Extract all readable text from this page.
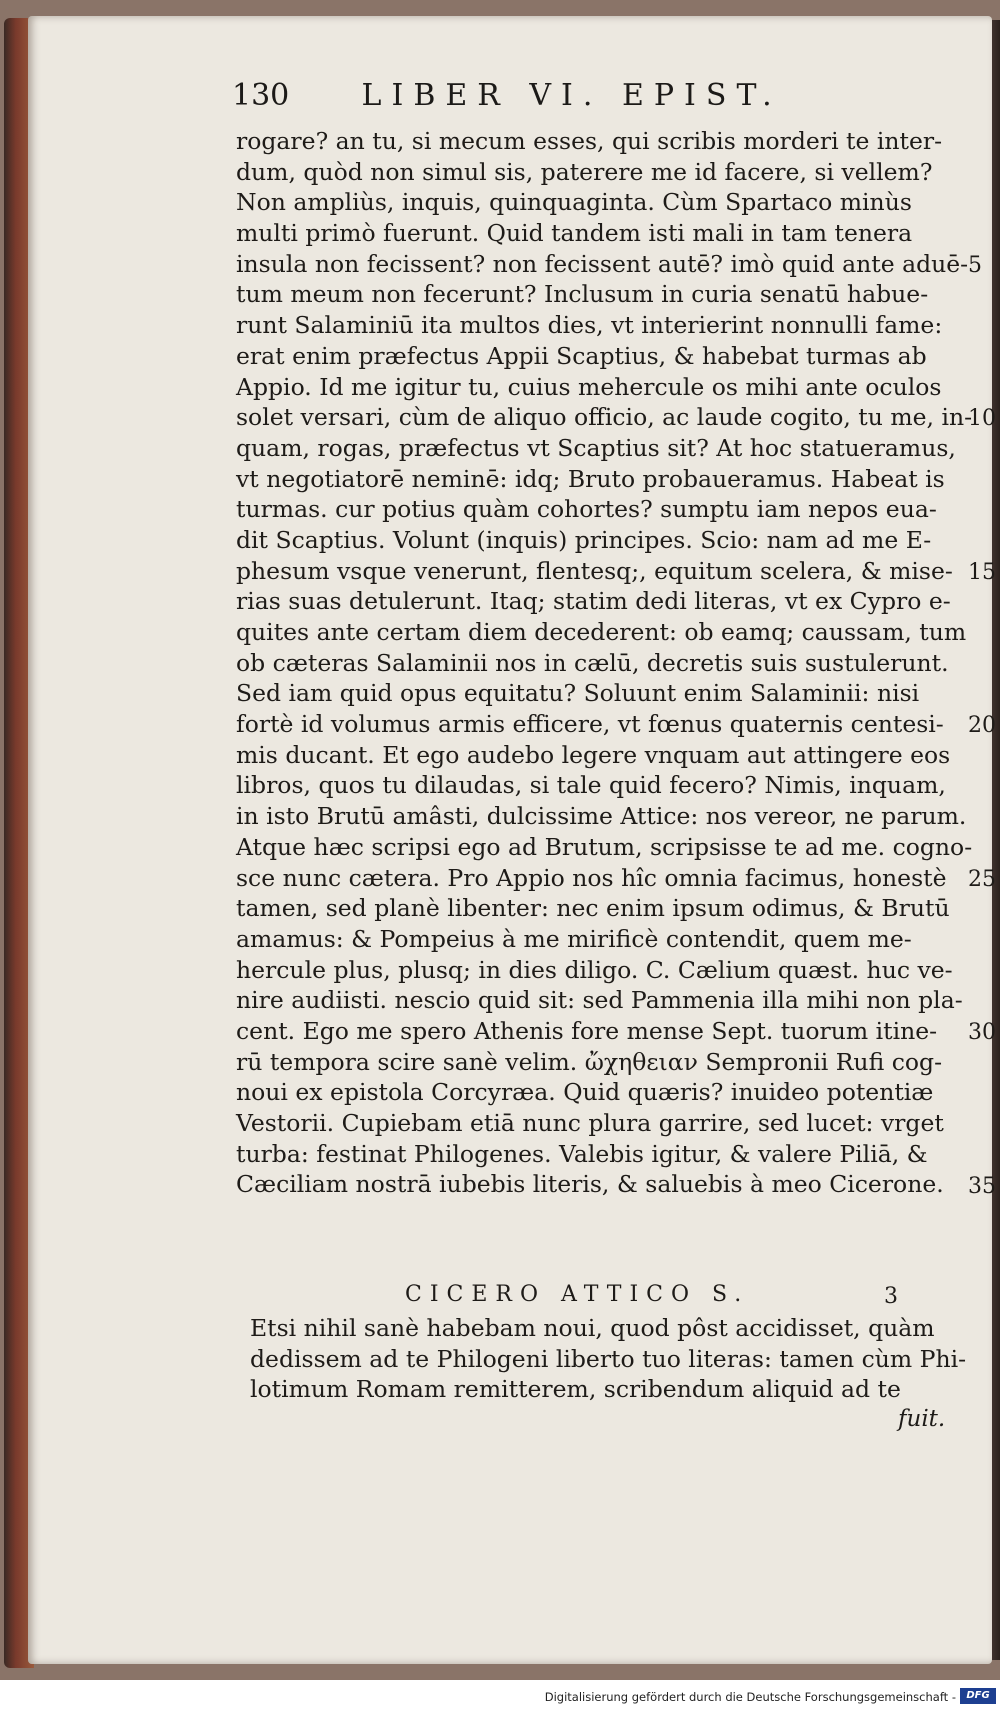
130 LIBER VI. EPIST.
rogare? an tu, si mecum esses, qui scribis morderi te inter-
dum, quòd non simul sis, paterere me id facere, si vellem?
Non ampliùs, inquis, quinquaginta. Cùm Spartaco minùs
multi primò fuerunt. Quid tandem isti mali in tam tenera
insula non fecissent? non fecissent autē? imò quid ante aduē-
tum meum non fecerunt? Inclusum in curia senatū habue-
runt Salaminiū ita multos dies, vt interierint nonnulli fame:
erat enim præfectus Appii Scaptius, & habebat turmas ab
Appio. Id me igitur tu, cuius mehercule os mihi ante oculos
solet versari, cùm de aliquo officio, ac laude cogito, tu me, in-
quam, rogas, præfectus vt Scaptius sit? At hoc statueramus,
vt negotiatorē neminē: idq; Bruto probaueramus. Habeat is
turmas. cur potius quàm cohortes? sumptu iam nepos eua-
dit Scaptius. Volunt (inquis) principes. Scio: nam ad me E-
phesum vsque venerunt, flentesq;, equitum scelera, & mise-
rias suas detulerunt. Itaq; statim dedi literas, vt ex Cypro e-
quites ante certam diem decederent: ob eamq; caussam, tum
ob cæteras Salaminii nos in cælū, decretis suis sustulerunt.
Sed iam quid opus equitatu? Soluunt enim Salaminii: nisi
fortè id volumus armis efficere, vt fœnus quaternis centesi-
mis ducant. Et ego audebo legere vnquam aut attingere eos
libros, quos tu dilaudas, si tale quid fecero? Nimis, inquam,
in isto Brutū amâsti, dulcissime Attice: nos vereor, ne parum.
Atque hæc scripsi ego ad Brutum, scripsisse te ad me. cogno-
sce nunc cætera. Pro Appio nos hîc omnia facimus, honestè
tamen, sed planè libenter: nec enim ipsum odimus, & Brutū
amamus: & Pompeius à me mirificè contendit, quem me-
hercule plus, plusq; in dies diligo. C. Cælium quæst. huc ve-
nire audiisti. nescio quid sit: sed Pammenia illa mihi non pla-
cent. Ego me spero Athenis fore mense Sept. tuorum itine-
rū tempora scire sanè velim. ὤχηθειαν Sempronii Rufi cog-
noui ex epistola Corcyræa. Quid quæris? inuideo potentiæ
Vestorii. Cupiebam etiā nunc plura garrire, sed lucet: vrget
turba: festinat Philogenes. Valebis igitur, & valere Piliā, &
Cæciliam nostrā iubebis literis, & saluebis à meo Cicerone.
5
10
15
20
25
30
35
CICERO ATTICO S.	3
Etsi nihil sanè habebam noui, quod pôst accidisset, quàm
dedissem ad te Philogeni liberto tuo literas: tamen cùm Phi-
lotimum Romam remitterem, scribendum aliquid ad te
fuit.
Digitalisierung gefördert durch die Deutsche Forschungsgemeinschaft -	DFG
